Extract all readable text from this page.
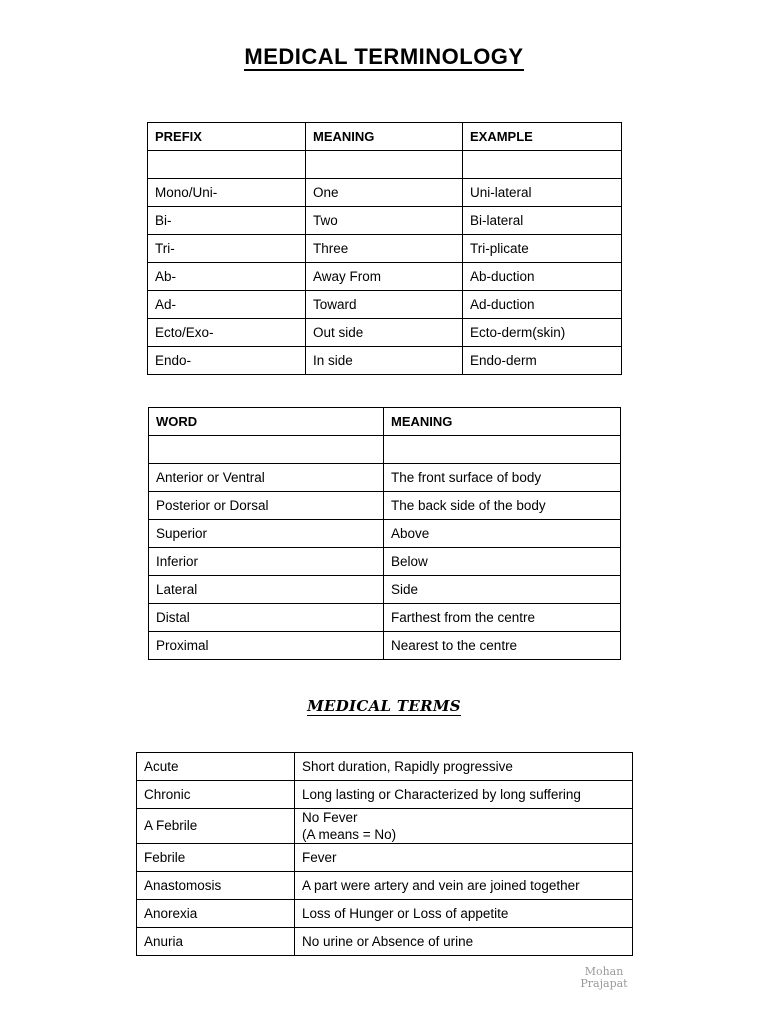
MEDICAL TERMINOLOGY
PREFIX	MEANING	EXAMPLE

Mono/Uni-	One	Uni-lateral
Bi-	Two	Bi-lateral
Tri-	Three	Tri-plicate
Ab-	Away From	Ab-duction
Ad-	Toward	Ad-duction
Ecto/Exo-	Out side	Ecto-derm(skin)
Endo-	In side	Endo-derm
WORD	MEANING

Anterior or Ventral	The front surface of body
Posterior or Dorsal	The back side of the body
Superior	Above
Inferior	Below
Lateral	Side
Distal	Farthest from the centre
Proximal	Nearest to the centre
MEDICAL TERMS
Acute	Short duration, Rapidly progressive
Chronic	Long lasting or Characterized by long suffering
A Febrile	No Fever
(A means = No)
Febrile	Fever
Anastomosis	A part were artery and vein are joined together
Anorexia	Loss of Hunger or Loss of appetite
Anuria	No urine or Absence of urine
Mohan
Prajapat
